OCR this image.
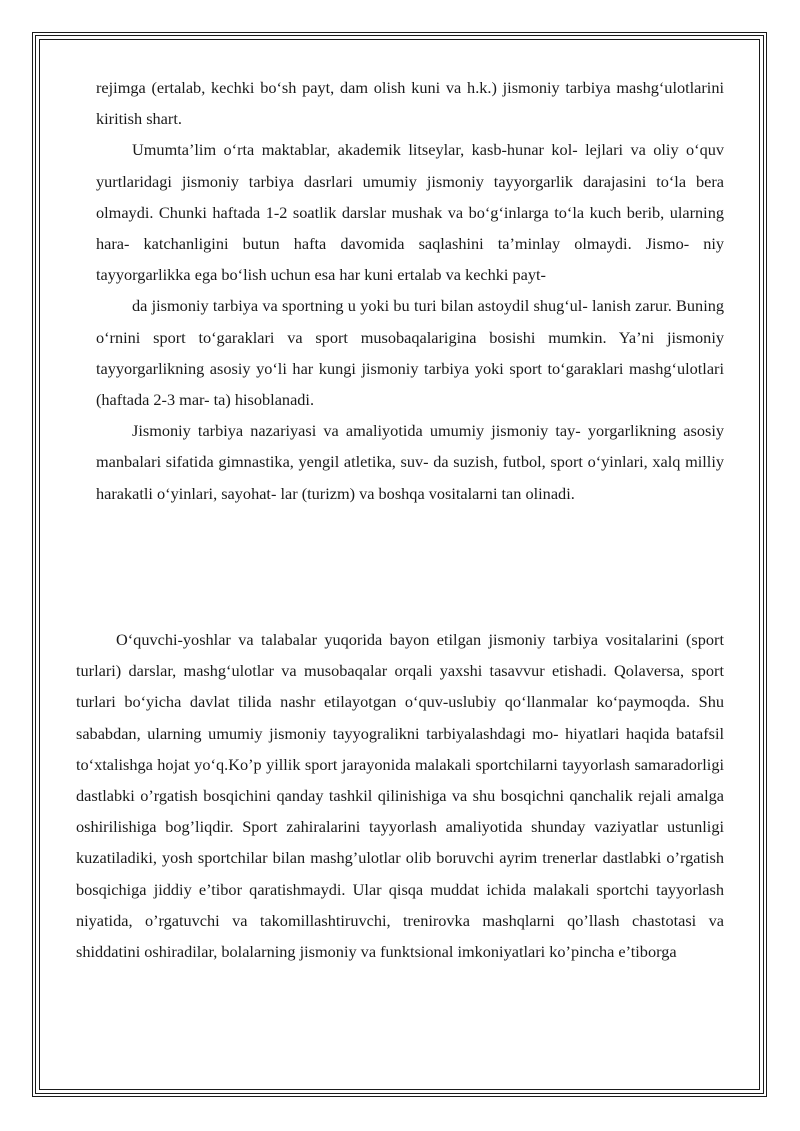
rejimga (ertalab, kechki boʻsh payt, dam olish kuni va h.k.) jismoniy tarbiya mashgʻulotlarini kiritish shart.

Umumta’lim oʻrta maktablar, akademik litseylar, kasb-hunar kol- lejlari va oliy oʻquv yurtlaridagi jismoniy tarbiya dasrlari umumiy jismoniy tayyorgarlik darajasini toʻla bera olmaydi. Chunki haftada 1-2 soatlik darslar mushak va boʻgʻinlarga toʻla kuch berib, ularning hara- katchanligini butun hafta davomida saqlashini ta’minlay olmaydi. Jismo- niy tayyorgarlikka ega boʻlish uchun esa har kuni ertalab va kechki payt-

da jismoniy tarbiya va sportning u yoki bu turi bilan astoydil shugʻul- lanish zarur. Buning oʻrnini sport toʻgaraklari va sport musobaqalarigina bosishi mumkin. Ya’ni jismoniy tayyorgarlikning asosiy yoʻli har kungi jismoniy tarbiya yoki sport toʻgaraklari mashgʻulotlari (haftada 2-3 mar- ta) hisoblanadi.

Jismoniy tarbiya nazariyasi va amaliyotida umumiy jismoniy tay- yorgarlikning asosiy manbalari sifatida gimnastika, yengil atletika, suv- da suzish, futbol, sport oʻyinlari, xalq milliy harakatli oʻyinlari, sayohat- lar (turizm) va boshqa vositalarni tan olinadi.

Oʻquvchi-yoshlar va talabalar yuqorida bayon etilgan jismoniy tarbiya vositalarini (sport turlari) darslar, mashgʻulotlar va musobaqalar orqali yaxshi tasavvur etishadi. Qolaversa, sport turlari boʻyicha davlat tilida nashr etilayotgan oʻquv-uslubiy qoʻllanmalar koʻpaymoqda. Shu sababdan, ularning umumiy jismoniy tayyogralikni tarbiyalashdagi mo- hiyatlari haqida batafsil toʻxtalishga hojat yoʻq.Ko’p yillik sport jarayonida malakali sportchilarni tayyorlash samaradorligi dastlabki o’rgatish bosqichini qanday tashkil qilinishiga va shu bosqichni qanchalik rejali amalga oshirilishiga bog’liqdir. Sport zahiralarini tayyorlash amaliyotida shunday vaziyatlar ustunligi kuzatiladiki, yosh sportchilar bilan mashg’ulotlar olib boruvchi ayrim trenerlar dastlabki o’rgatish bosqichiga jiddiy e’tibor qaratishmaydi. Ular qisqa muddat ichida malakali sportchi tayyorlash niyatida, o’rgatuvchi va takomillashtiruvchi, trenirovka mashqlarni qo’llash chastotasi va shiddatini oshiradilar, bolalarning jismoniy va funktsional imkoniyatlari ko’pincha e’tiborga
